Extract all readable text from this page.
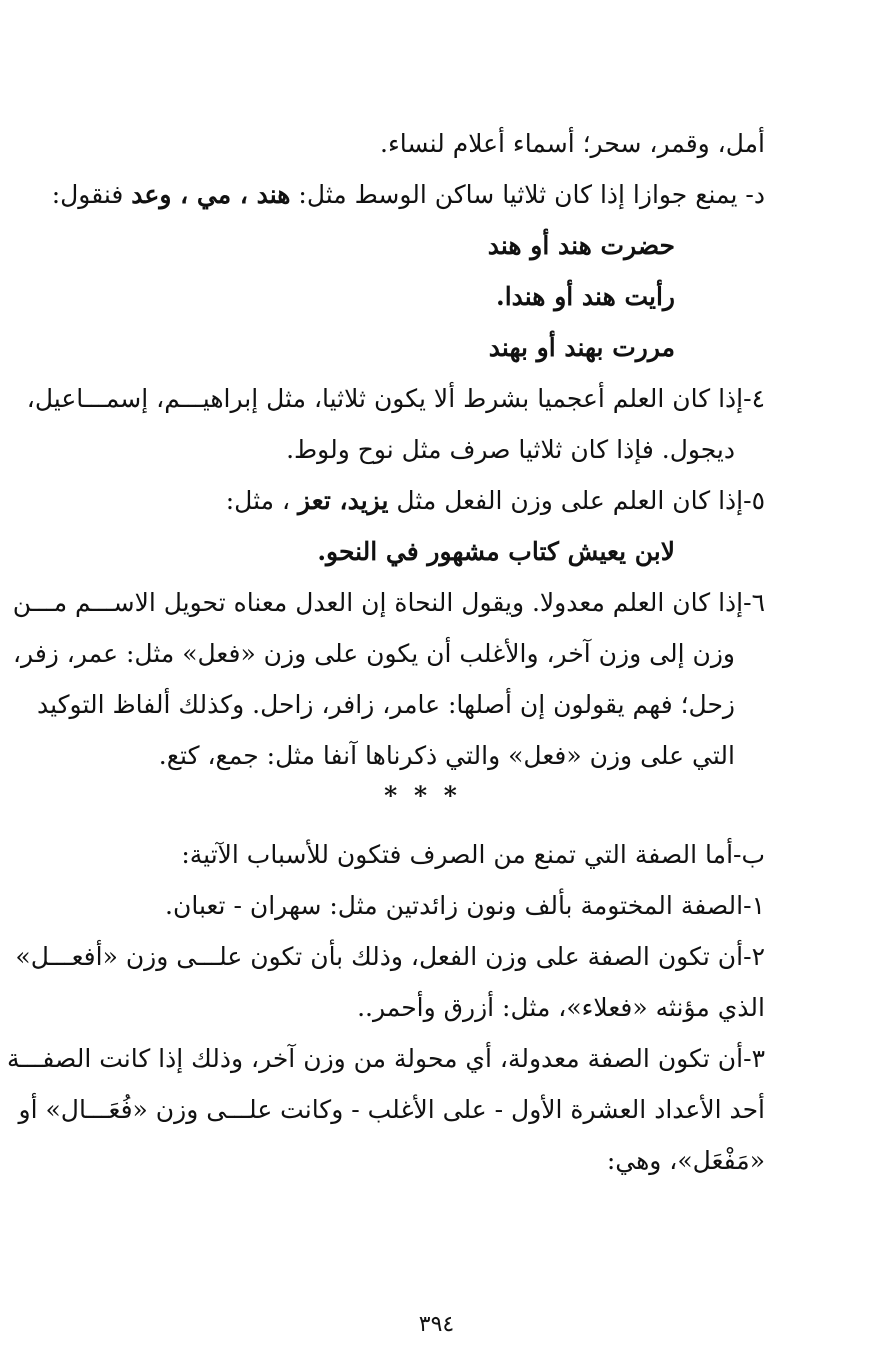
أمل، وقمر، سحر؛ أسماء أعلام لنساء.
د- يمنع جوازا إذا كان ثلاثيا ساكن الوسط مثل: هند ، مي ، وعد فنقول:
حضرت هند أو هند
رأيت هند أو هندا.
مررت بهند أو بهند
٤-إذا كان العلم أعجميا بشرط ألا يكون ثلاثيا، مثل إبراهيـــم، إسمـــاعيل،
ديجول. فإذا كان ثلاثيا صرف مثل نوح ولوط.
٥-إذا كان العلم على وزن الفعل مثل يزيد، تعز ، مثل:
لابن يعيش كتاب مشهور في النحو.
٦-إذا كان العلم معدولا. ويقول النحاة إن العدل معناه تحويل الاســـم مـــن
وزن إلى وزن آخر، والأغلب أن يكون على وزن «فعل» مثل: عمر، زفر،
زحل؛ فهم يقولون إن أصلها: عامر، زافر، زاحل. وكذلك ألفاظ التوكيد
التي على وزن «فعل» والتي ذكرناها آنفا مثل: جمع، كتع.
* * *
ب-أما الصفة التي تمنع من الصرف فتكون للأسباب الآتية:
١-الصفة المختومة بألف ونون زائدتين مثل: سهران - تعبان.
٢-أن تكون الصفة على وزن الفعل، وذلك بأن تكون علـــى وزن «أفعـــل»
الذي مؤنثه «فعلاء»، مثل: أزرق وأحمر..
٣-أن تكون الصفة معدولة، أي محولة من وزن آخر، وذلك إذا كانت الصفـــة
أحد الأعداد العشرة الأول - على الأغلب - وكانت علـــى وزن «فُعَـــال» أو
«مَفْعَل»، وهي:
٣٩٤
